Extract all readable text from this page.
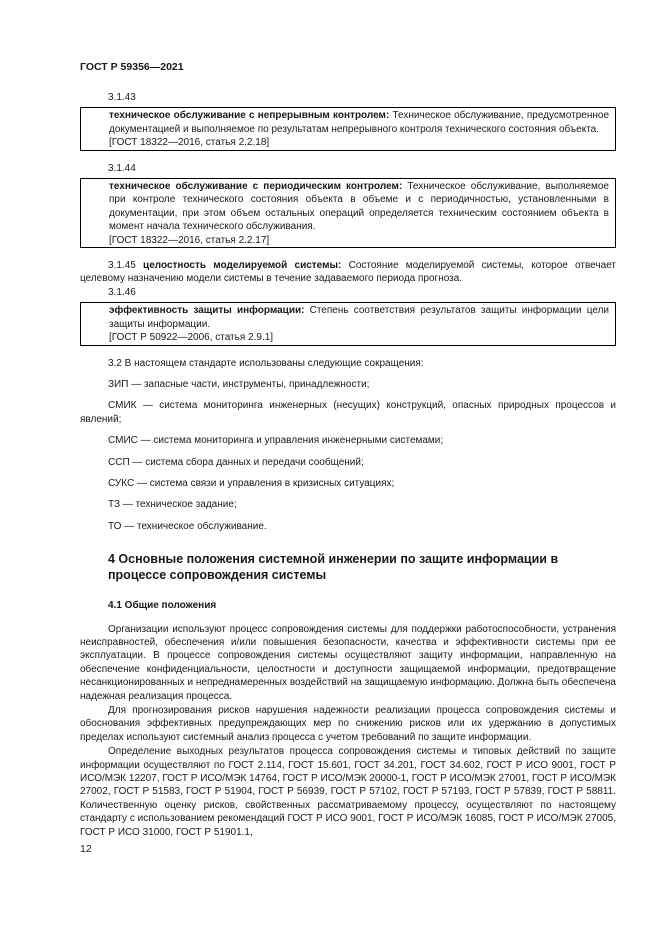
ГОСТ Р 59356—2021
3.1.43
техническое обслуживание с непрерывным контролем: Техническое обслуживание, предусмотренное документацией и выполняемое по результатам непрерывного контроля технического состояния объекта.
[ГОСТ 18322—2016, статья 2.2.18]
3.1.44
техническое обслуживание с периодическим контролем: Техническое обслуживание, выполняемое при контроле технического состояния объекта в объеме и с периодичностью, установленными в документации, при этом объем остальных операций определяется техническим состоянием объекта в момент начала технического обслуживания.
[ГОСТ 18322—2016, статья 2.2.17]

3.1.45 целостность моделируемой системы: Состояние моделируемой системы, которое отвечает целевому назначению модели системы в течение задаваемого периода прогноза.

3.1.46
эффективность защиты информации: Степень соответствия результатов защиты информации цели защиты информации.
[ГОСТ Р 50922—2006, статья 2.9.1]

3.2 В настоящем стандарте использованы следующие сокращения:

ЗИП — запасные части, инструменты, принадлежности;

СМИК — система мониторинга инженерных (несущих) конструкций, опасных природных процессов и явлений;

СМИС — система мониторинга и управления инженерными системами;

ССП — система сбора данных и передачи сообщений;

СУКС — система связи и управления в кризисных ситуациях;

ТЗ — техническое задание;

ТО — техническое обслуживание.

4 Основные положения системной инженерии по защите информации в процессе сопровождения системы
4.1 Общие положения

Организации используют процесс сопровождения системы для поддержки работоспособности, устранения неисправностей, обеспечения и/или повышения безопасности, качества и эффективности системы при ее эксплуатации. В процессе сопровождения системы осуществляют защиту информации, направленную на обеспечение конфиденциальности, целостности и доступности защищаемой информации, предотвращение несанкционированных и непреднамеренных воздействий на защищаемую информацию. Должна быть обеспечена надежная реализация процесса.

Для прогнозирования рисков нарушения надежности реализации процесса сопровождения системы и обоснования эффективных предупреждающих мер по снижению рисков или их удержанию в допустимых пределах используют системный анализ процесса с учетом требований по защите информации.

Определение выходных результатов процесса сопровождения системы и типовых действий по защите информации осуществляют по ГОСТ 2.114, ГОСТ 15.601, ГОСТ 34.201, ГОСТ 34.602, ГОСТ Р ИСО 9001, ГОСТ Р ИСО/МЭК 12207, ГОСТ Р ИСО/МЭК 14764, ГОСТ Р ИСО/МЭК 20000-1, ГОСТ Р ИСО/МЭК 27001, ГОСТ Р ИСО/МЭК 27002, ГОСТ Р 51583, ГОСТ Р 51904, ГОСТ Р 56939, ГОСТ Р 57102, ГОСТ Р 57193, ГОСТ Р 57839, ГОСТ Р 58811. Количественную оценку рисков, свойственных рассматриваемому процессу, осуществляют по настоящему стандарту с использованием рекомендаций ГОСТ Р ИСО 9001, ГОСТ Р ИСО/МЭК 16085, ГОСТ Р ИСО/МЭК 27005, ГОСТ Р ИСО 31000, ГОСТ Р 51901.1,

12
